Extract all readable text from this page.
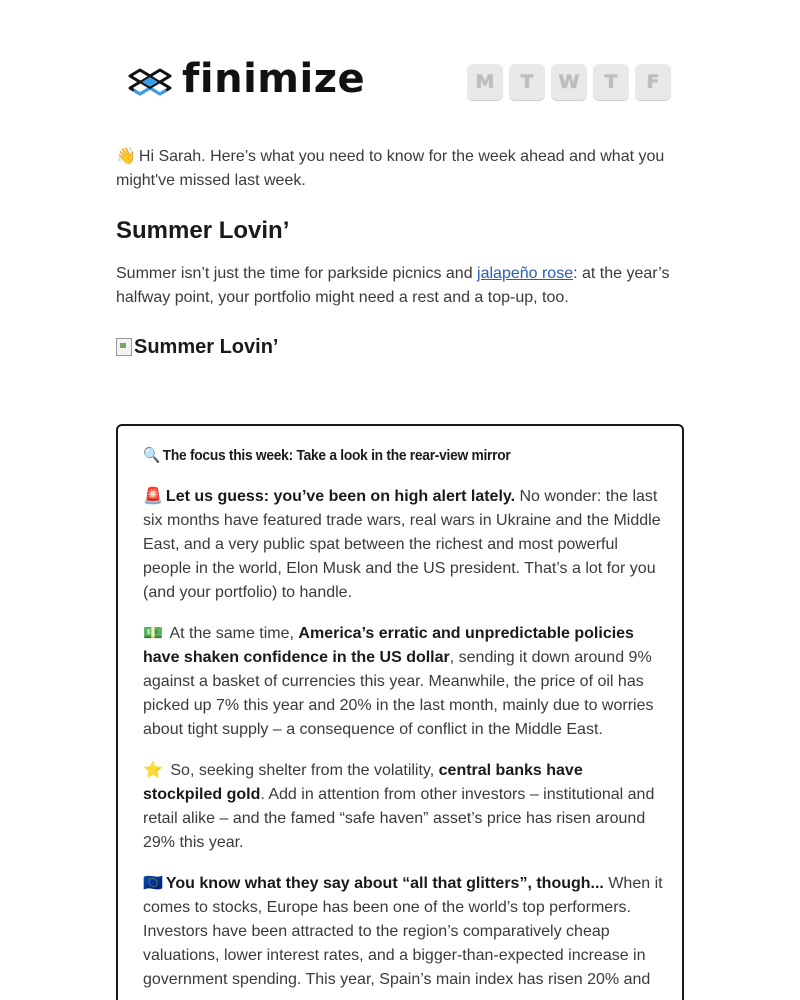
finimize	M	T	W	T	F
👋 Hi Sarah. Here’s what you need to know for the week ahead and what you might've missed last week.
Summer Lovin’
Summer isn’t just the time for parkside picnics and jalapeño rose: at the year’s halfway point, your portfolio might need a rest and a top-up, too.
Summer Lovin’
🔍 The focus this week: Take a look in the rear-view mirror
🚨 Let us guess: you’ve been on high alert lately. No wonder: the last six months have featured trade wars, real wars in Ukraine and the Middle East, and a very public spat between the richest and most powerful people in the world, Elon Musk and the US president. That’s a lot for you (and your portfolio) to handle.
💵 At the same time, America’s erratic and unpredictable policies have shaken confidence in the US dollar, sending it down around 9% against a basket of currencies this year. Meanwhile, the price of oil has picked up 7% this year and 20% in the last month, mainly due to worries about tight supply – a consequence of conflict in the Middle East.
⭐ So, seeking shelter from the volatility, central banks have stockpiled gold. Add in attention from other investors – institutional and retail alike – and the famed “safe haven” asset’s price has risen around 29% this year.
🇪🇺 You know what they say about “all that glitters”, though... When it comes to stocks, Europe has been one of the world’s top performers. Investors have been attracted to the region’s comparatively cheap valuations, lower interest rates, and a bigger-than-expected increase in government spending. This year, Spain’s main index has risen 20% and
